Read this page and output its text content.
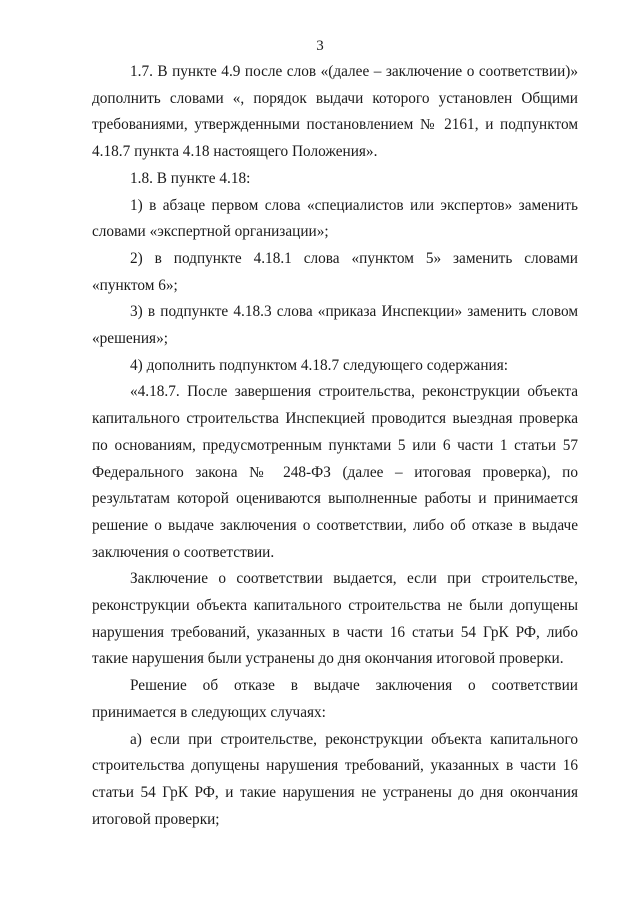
3

1.7. В пункте 4.9 после слов «(далее – заключение о соответствии)» дополнить словами «, порядок выдачи которого установлен Общими требованиями, утвержденными постановлением № 2161, и подпунктом 4.18.7 пункта 4.18 настоящего Положения».

1.8. В пункте 4.18:

1) в абзаце первом слова «специалистов или экспертов» заменить словами «экспертной организации»;

2) в подпункте 4.18.1 слова «пунктом 5» заменить словами «пунктом 6»;

3) в подпункте 4.18.3 слова «приказа Инспекции» заменить словом «решения»;

4) дополнить подпунктом 4.18.7 следующего содержания:

«4.18.7. После завершения строительства, реконструкции объекта капитального строительства Инспекцией проводится выездная проверка по основаниям, предусмотренным пунктами 5 или 6 части 1 статьи 57 Федерального закона № 248-ФЗ (далее – итоговая проверка), по результатам которой оцениваются выполненные работы и принимается решение о выдаче заключения о соответствии, либо об отказе в выдаче заключения о соответствии.

Заключение о соответствии выдается, если при строительстве, реконструкции объекта капитального строительства не были допущены нарушения требований, указанных в части 16 статьи 54 ГрК РФ, либо такие нарушения были устранены до дня окончания итоговой проверки.

Решение об отказе в выдаче заключения о соответствии принимается в следующих случаях:

а) если при строительстве, реконструкции объекта капитального строительства допущены нарушения требований, указанных в части 16 статьи 54 ГрК РФ, и такие нарушения не устранены до дня окончания итоговой проверки;
